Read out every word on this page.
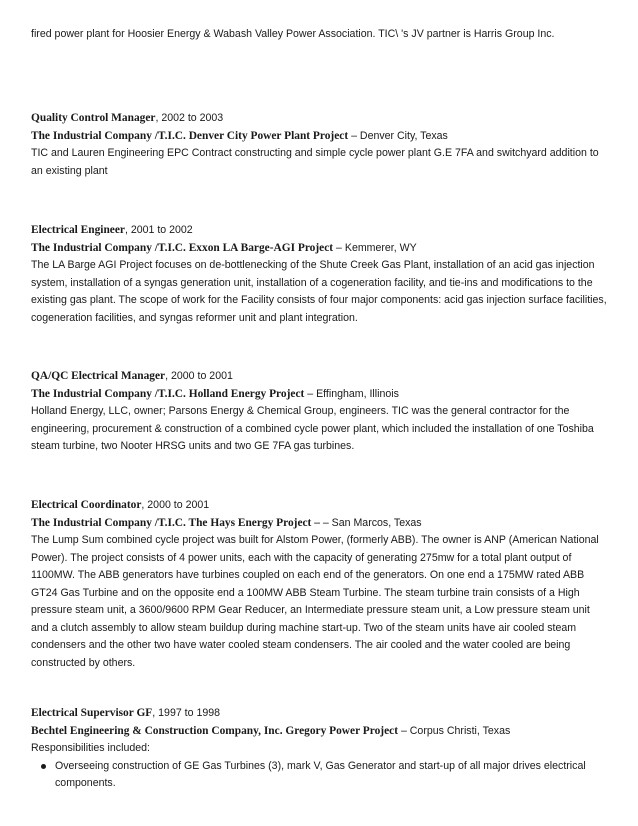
fired power plant for Hoosier Energy & Wabash Valley Power Association. TIC\ 's JV partner is Harris Group Inc.

Quality Control Manager, 2002 to 2003
The Industrial Company /T.I.C. Denver City Power Plant Project – Denver City, Texas

TIC and Lauren Engineering EPC Contract constructing and simple cycle power plant G.E 7FA and switchyard addition to an existing plant

Electrical Engineer, 2001 to 2002
The Industrial Company /T.I.C. Exxon LA Barge-AGI Project – Kemmerer, WY

The LA Barge AGI Project focuses on de-bottlenecking of the Shute Creek Gas Plant, installation of an acid gas injection system, installation of a syngas generation unit, installation of a cogeneration facility, and tie-ins and modifications to the existing gas plant. The scope of work for the Facility consists of four major components: acid gas injection surface facilities, cogeneration facilities, and syngas reformer unit and plant integration.

QA/QC Electrical Manager, 2000 to 2001
The Industrial Company /T.I.C. Holland Energy Project – Effingham, Illinois

Holland Energy, LLC, owner; Parsons Energy & Chemical Group, engineers. TIC was the general contractor for the engineering, procurement & construction of a combined cycle power plant, which included the installation of one Toshiba steam turbine, two Nooter HRSG units and two GE 7FA gas turbines.

Electrical Coordinator, 2000 to 2001
The Industrial Company /T.I.C. The Hays Energy Project – – San Marcos, Texas

The Lump Sum combined cycle project was built for Alstom Power, (formerly ABB). The owner is ANP (American National Power). The project consists of 4 power units, each with the capacity of generating 275mw for a total plant output of 1100MW. The ABB generators have turbines coupled on each end of the generators. On one end a 175MW rated ABB GT24 Gas Turbine and on the opposite end a 100MW ABB Steam Turbine. The steam turbine train consists of a High pressure steam unit, a 3600/9600 RPM Gear Reducer, an Intermediate pressure steam unit, a Low pressure steam unit and a clutch assembly to allow steam buildup during machine start-up. Two of the steam units have air cooled steam condensers and the other two have water cooled steam condensers. The air cooled and the water cooled are being constructed by others.

Electrical Supervisor GF, 1997 to 1998
Bechtel Engineering & Construction Company, Inc. Gregory Power Project – Corpus Christi, Texas

Responsibilities included:

Overseeing construction of GE Gas Turbines (3), mark V, Gas Generator and start-up of all major drives electrical components.
